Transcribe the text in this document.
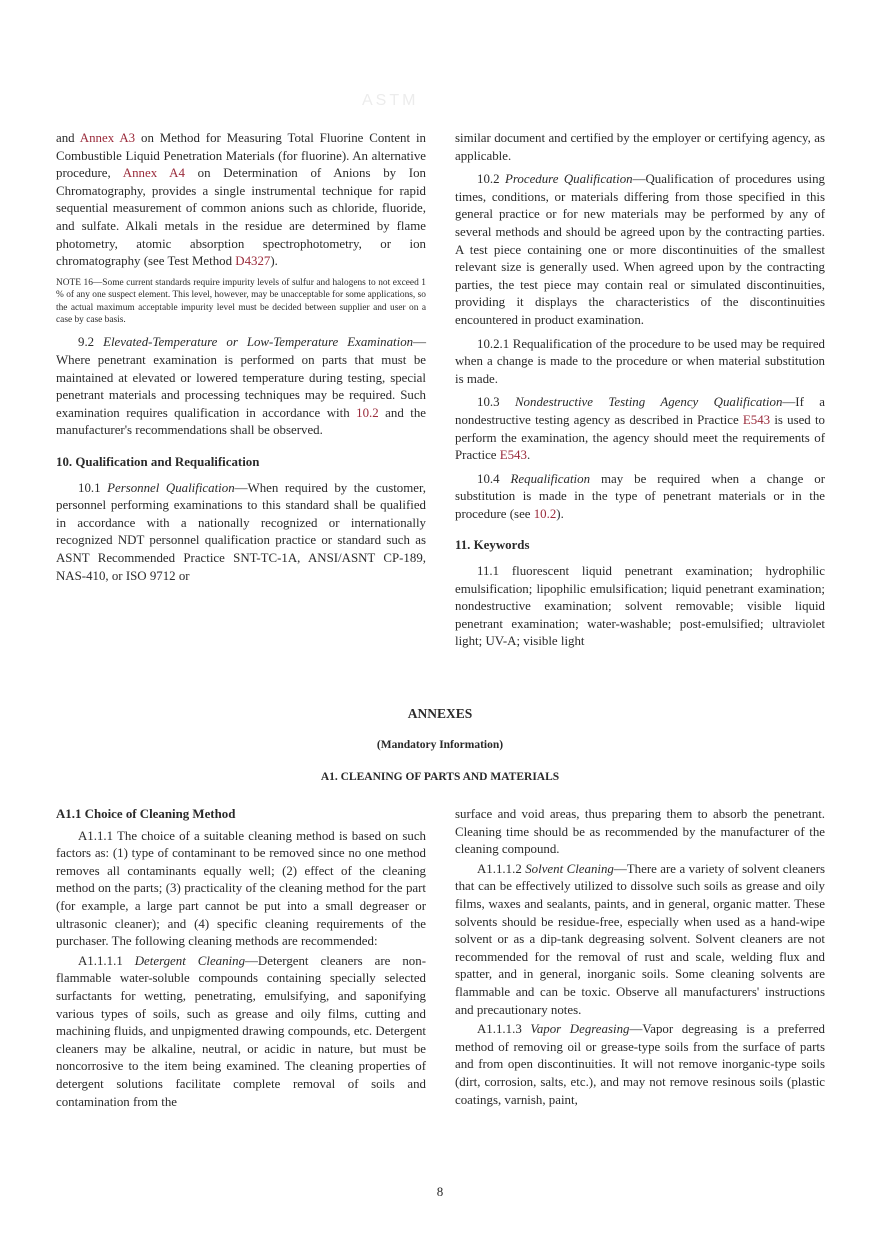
ASTM

and Annex A3 on Method for Measuring Total Fluorine Content in Combustible Liquid Penetration Materials (for fluorine). An alternative procedure, Annex A4 on Determination of Anions by Ion Chromatography, provides a single instrumental technique for rapid sequential measurement of common anions such as chloride, fluoride, and sulfate. Alkali metals in the residue are determined by flame photometry, atomic absorption spectrophotometry, or ion chromatography (see Test Method D4327).

NOTE 16—Some current standards require impurity levels of sulfur and halogens to not exceed 1 % of any one suspect element. This level, however, may be unacceptable for some applications, so the actual maximum acceptable impurity level must be decided between supplier and user on a case by case basis.

9.2 Elevated-Temperature or Low-Temperature Examination—Where penetrant examination is performed on parts that must be maintained at elevated or lowered temperature during testing, special penetrant materials and processing techniques may be required. Such examination requires qualification in accordance with 10.2 and the manufacturer's recommendations shall be observed.

10. Qualification and Requalification

10.1 Personnel Qualification—When required by the customer, personnel performing examinations to this standard shall be qualified in accordance with a nationally recognized or internationally recognized NDT personnel qualification practice or standard such as ASNT Recommended Practice SNT-TC-1A, ANSI/ASNT CP-189, NAS-410, or ISO 9712 or

similar document and certified by the employer or certifying agency, as applicable.

10.2 Procedure Qualification—Qualification of procedures using times, conditions, or materials differing from those specified in this general practice or for new materials may be performed by any of several methods and should be agreed upon by the contracting parties. A test piece containing one or more discontinuities of the smallest relevant size is generally used. When agreed upon by the contracting parties, the test piece may contain real or simulated discontinuities, providing it displays the characteristics of the discontinuities encountered in product examination.

10.2.1 Requalification of the procedure to be used may be required when a change is made to the procedure or when material substitution is made.

10.3 Nondestructive Testing Agency Qualification—If a nondestructive testing agency as described in Practice E543 is used to perform the examination, the agency should meet the requirements of Practice E543.

10.4 Requalification may be required when a change or substitution is made in the type of penetrant materials or in the procedure (see 10.2).

11. Keywords

11.1 fluorescent liquid penetrant examination; hydrophilic emulsification; lipophilic emulsification; liquid penetrant examination; nondestructive examination; solvent removable; visible liquid penetrant examination; water-washable; post-emulsified; ultraviolet light; UV-A; visible light

ANNEXES
(Mandatory Information)
A1. CLEANING OF PARTS AND MATERIALS

A1.1 Choice of Cleaning Method

A1.1.1 The choice of a suitable cleaning method is based on such factors as: (1) type of contaminant to be removed since no one method removes all contaminants equally well; (2) effect of the cleaning method on the parts; (3) practicality of the cleaning method for the part (for example, a large part cannot be put into a small degreaser or ultrasonic cleaner); and (4) specific cleaning requirements of the purchaser. The following cleaning methods are recommended:

A1.1.1.1 Detergent Cleaning—Detergent cleaners are non-flammable water-soluble compounds containing specially selected surfactants for wetting, penetrating, emulsifying, and saponifying various types of soils, such as grease and oily films, cutting and machining fluids, and unpigmented drawing compounds, etc. Detergent cleaners may be alkaline, neutral, or acidic in nature, but must be noncorrosive to the item being examined. The cleaning properties of detergent solutions facilitate complete removal of soils and contamination from the

surface and void areas, thus preparing them to absorb the penetrant. Cleaning time should be as recommended by the manufacturer of the cleaning compound.

A1.1.1.2 Solvent Cleaning—There are a variety of solvent cleaners that can be effectively utilized to dissolve such soils as grease and oily films, waxes and sealants, paints, and in general, organic matter. These solvents should be residue-free, especially when used as a hand-wipe solvent or as a dip-tank degreasing solvent. Solvent cleaners are not recommended for the removal of rust and scale, welding flux and spatter, and in general, inorganic soils. Some cleaning solvents are flammable and can be toxic. Observe all manufacturers' instructions and precautionary notes.

A1.1.1.3 Vapor Degreasing—Vapor degreasing is a preferred method of removing oil or grease-type soils from the surface of parts and from open discontinuities. It will not remove inorganic-type soils (dirt, corrosion, salts, etc.), and may not remove resinous soils (plastic coatings, varnish, paint,

8
